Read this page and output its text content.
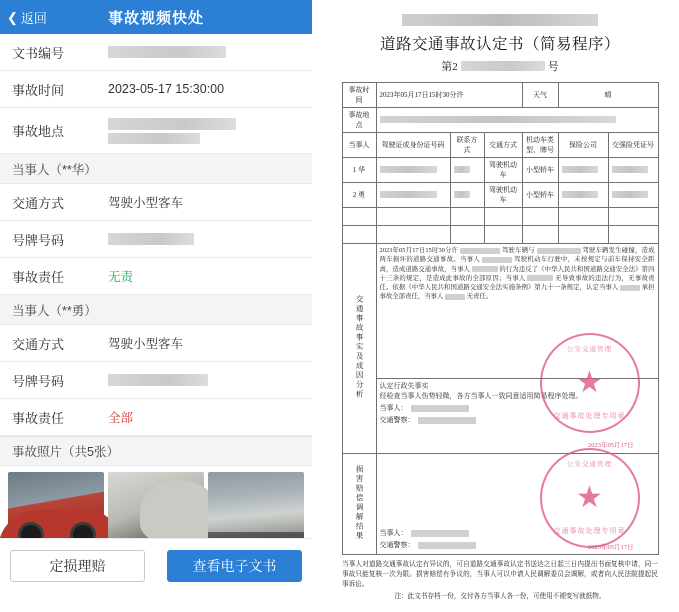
❮ 返回	事故视频快处
文书编号
事故时间	2023-05-17 15:30:00
事故地点
当事人（**华）
交通方式	驾驶小型客车
号牌号码
事故责任	无责
当事人（**勇）
交通方式	驾驶小型客车
号牌号码
事故责任	全部
事故照片（共5张）
定损理赔	查看电子文书
道路交通事故认定书（简易程序）
第2	号
事故时间	2023年05月17日15时30分许			天气	晴	
事故地点						
当事人	驾驶证或身份证号码	联系方式	交通方式	机动车类型、牌号	保险公司	交强险凭证号
1 华			驾驶机动车	小型轿车		
2 勇			驾驶机动车	小型轿车		

交通事故事实及成因分析	2023年05月17日15时30分许 驾驶车辆与 驾驶车辆发生碰撞，造成两车损坏的道路交通事故。当事人 驾驶机动车行驶中，未按规定与前车保持安全距离，造成道路交通事故，当事人 的行为违反了《中华人民共和国道路交通安全法》第四十三条的规定，是造成此事故的全部原因；当事人 无导致事故的违法行为，无事故责任。依据《中华人民共和国道路交通安全法实施条例》第九十一条规定，认定当事人 承担事故全部责任，当事人 无责任。					

认定行政失事实
经检查当事人伤势轻微，各方当事人一致同意适用简易程序处理。
当事人：
交通警察：
公安交通管理
★
交通事故处理专用章
2023年05月17日

损害赔偿调解结果	当事人：
交通警察：
公安交通管理
★
交通事故处理专用章
2023年05月17日
当事人对道路交通事故认定有异议的，可自道路交通事故认定书送达之日起三日内提出书面复核申请，同一事故只能复核一次为限。损害赔偿有争议的，当事人可以申请人民调解委员会调解，或者向人民法院提起民事诉讼。
注：此文书存档一份，交付各方当事人各一份，可使用不褪变写就纸物。
